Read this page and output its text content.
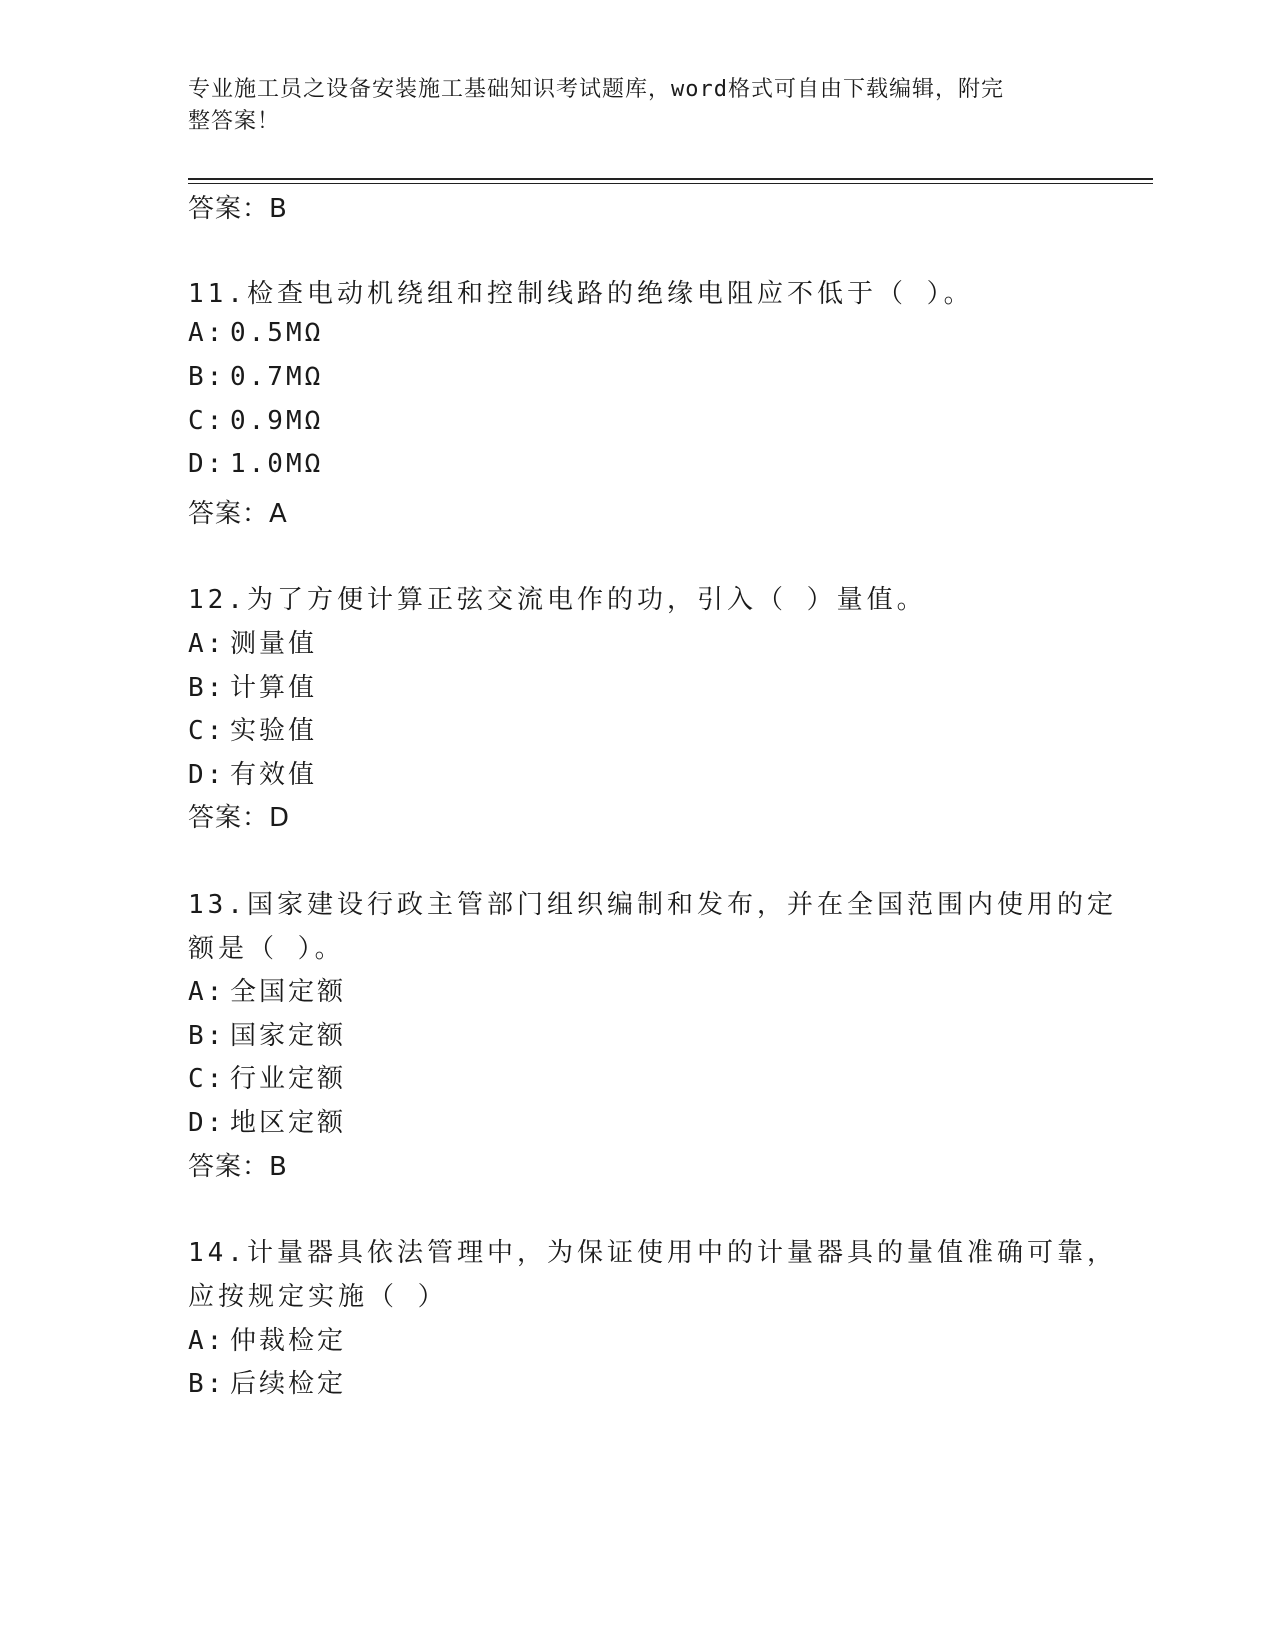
专业施工员之设备安装施工基础知识考试题库，word格式可自由下载编辑，附完
整答案！
答案：B
11.检查电动机绕组和控制线路的绝缘电阻应不低于（ ）。
A: 0.5MΩ
B: 0.7MΩ
C: 0.9MΩ
D: 1.0MΩ
答案：A
12.为了方便计算正弦交流电作的功，引入（ ）量值。
A: 测量值
B: 计算值
C: 实验值
D: 有效值
答案：D
13.国家建设行政主管部门组织编制和发布，并在全国范围内使用的定
额是（ ）。
A: 全国定额
B: 国家定额
C: 行业定额
D: 地区定额
答案：B
14.计量器具依法管理中，为保证使用中的计量器具的量值准确可靠，
应按规定实施（ ）
A: 仲裁检定
B: 后续检定
